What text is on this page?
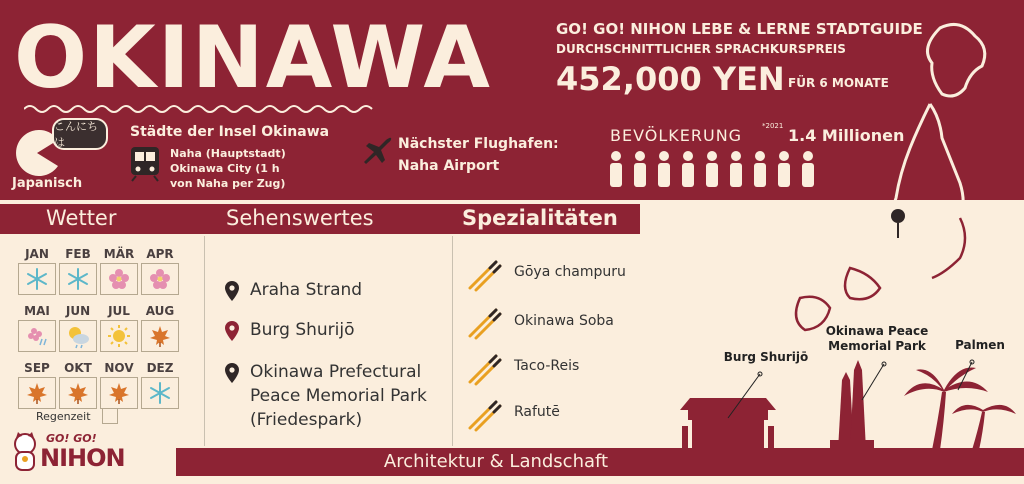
OKINAWA	GO! GO! NIHON LEBE & LERNE STADTGUIDE
DURCHSCHNITTLICHER SPRACHKURSPREIS
452,000 YEN FÜR 6 MONATE
こんにちは
Japanisch
Städte der Insel Okinawa
Naha (Hauptstadt)
Okinawa City (1 h
von Naha per Zug)
Nächster Flughafen:
Naha Airport
BEVÖLKERUNG	*2021 1.4 Millionen
Wetter	Sehenswertes	Spezialitäten
JAN	FEB	MÄR	APR
MAI	JUN	JUL	AUG
SEP	OKT	NOV	DEZ
Regenzeit
Araha Strand
Burg Shurijō
Okinawa Prefectural
Peace Memorial Park
(Friedespark)
Gōya champuru
Okinawa Soba
Taco-Reis
Rafutē
Burg Shurijō
Okinawa Peace
Memorial Park	Palmen
Architektur & Landschaft
GO! GO!
NIHON
